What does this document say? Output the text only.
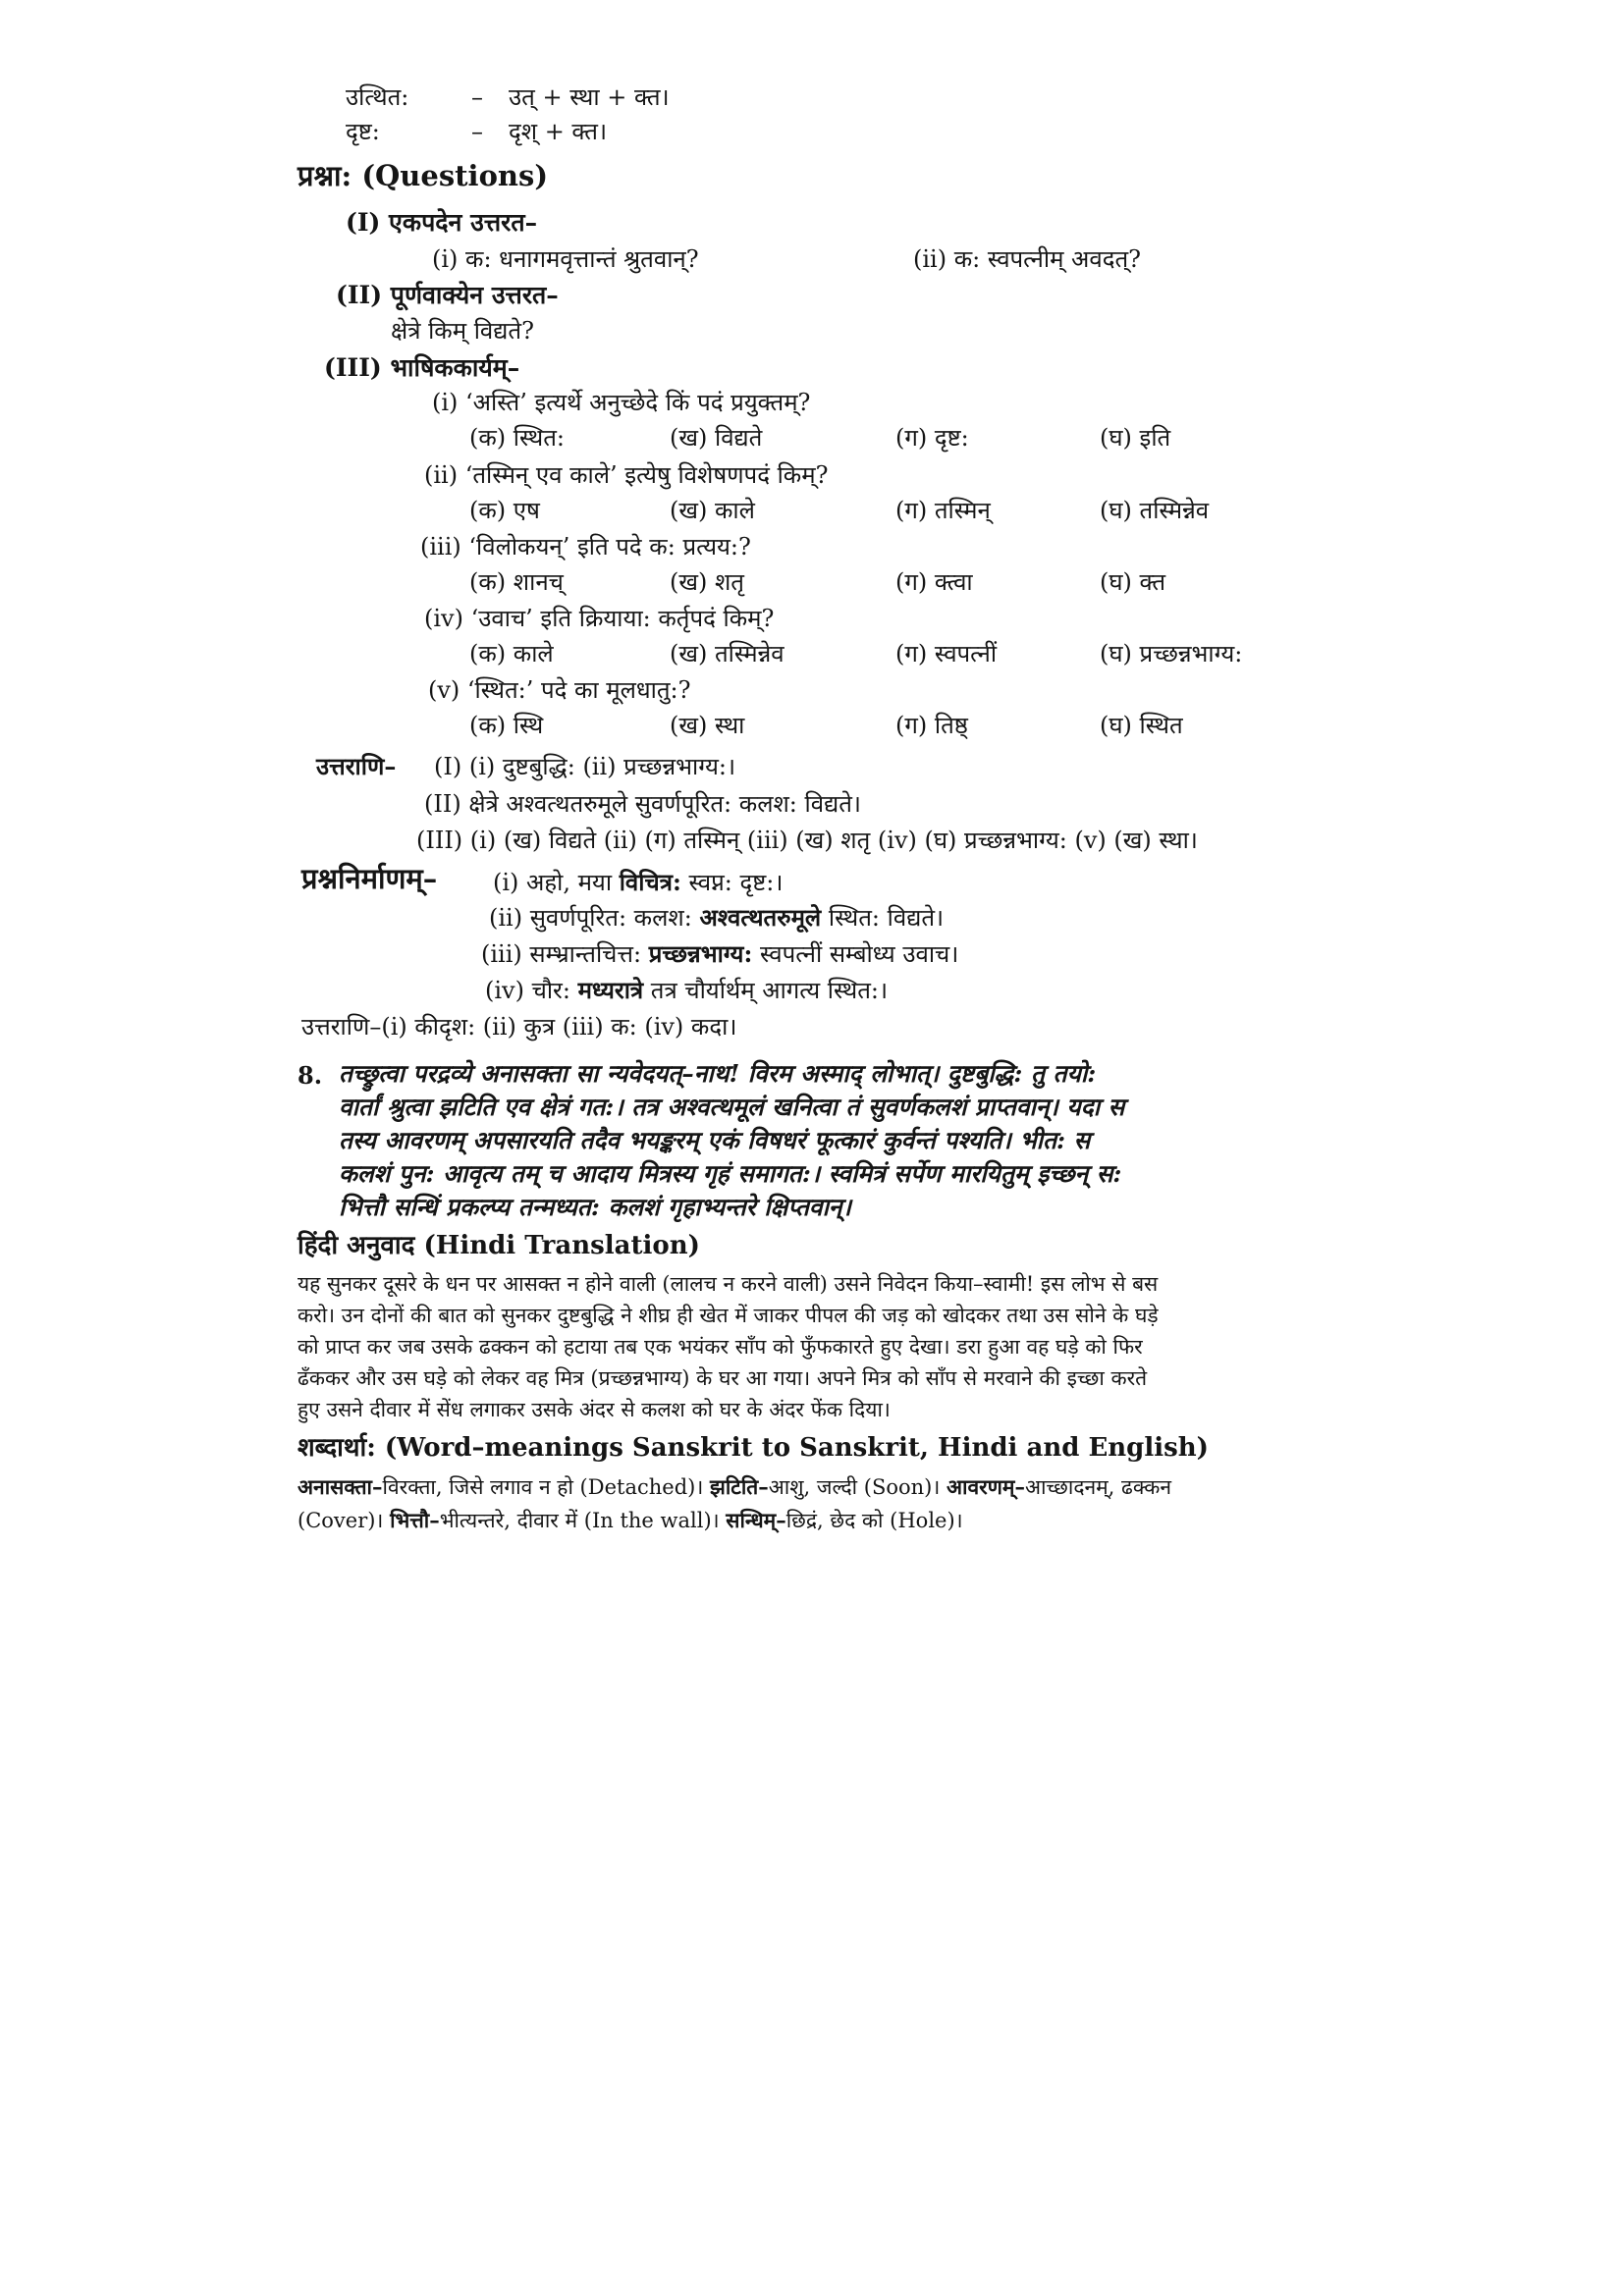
उत्थित:	– उत् + स्था + क्त।
दृष्ट:	– दृश् + क्त।
प्रश्ना: (Questions)
(I) एकपदेन उत्तरत–
(i) क: धनागमवृत्तान्तं श्रुतवान्?	(ii) क: स्वपत्नीम् अवदत्?
(II) पूर्णवाक्येन उत्तरत–
क्षेत्रे किम् विद्यते?
(III) भाषिककार्यम्–
(i) ‘अस्ति’ इत्यर्थे अनुच्छेदे किं पदं प्रयुक्तम्?
(क) स्थित:	(ख) विद्यते	(ग) दृष्ट:	(घ) इति
(ii) ‘तस्मिन् एव काले’ इत्येषु विशेषणपदं किम्?
(क) एष	(ख) काले	(ग) तस्मिन्	(घ) तस्मिन्नेव
(iii) ‘विलोकयन्’ इति पदे क: प्रत्यय:?
(क) शानच्	(ख) शतृ	(ग) क्त्वा	(घ) क्त
(iv) ‘उवाच’ इति क्रियाया: कर्तृपदं किम्?
(क) काले	(ख) तस्मिन्नेव	(ग) स्वपत्नीं	(घ) प्रच्छन्नभाग्य:
(v) ‘स्थित:’ पदे का मूलधातु:?
(क) स्थि	(ख) स्था	(ग) तिष्ठ्	(घ) स्थित
उत्तराणि– (I) (i) दुष्टबुद्धि: (ii) प्रच्छन्नभाग्य:।
(II) क्षेत्रे अश्वत्थतरुमूले सुवर्णपूरित: कलश: विद्यते।
(III) (i) (ख) विद्यते (ii) (ग) तस्मिन् (iii) (ख) शतृ (iv) (घ) प्रच्छन्नभाग्य: (v) (ख) स्था।
प्रश्ननिर्माणम्– (i) अहो, मया विचित्र: स्वप्न: दृष्ट:।
(ii) सुवर्णपूरित: कलश: अश्वत्थतरुमूले स्थित: विद्यते।
(iii) सम्भ्रान्तचित्त: प्रच्छन्नभाग्य: स्वपत्नीं सम्बोध्य उवाच।
(iv) चौर: मध्यरात्रे तत्र चौर्यार्थम् आगत्य स्थित:।
उत्तराणि–(i) कीदृश: (ii) कुत्र (iii) क: (iv) कदा।
8. तच्छ्रुत्वा परद्रव्ये अनासक्ता सा न्यवेदयत्–नाथ! विरम अस्माद् लोभात्। दुष्टबुद्धि: तु तयो:
वार्तां श्रुत्वा झटिति एव क्षेत्रं गत:। तत्र अश्वत्थमूलं खनित्वा तं सुवर्णकलशं प्राप्तवान्। यदा स
तस्य आवरणम् अपसारयति तदैव भयङ्करम् एकं विषधरं फूत्कारं कुर्वन्तं पश्यति। भीत: स
कलशं पुन: आवृत्य तम् च आदाय मित्रस्य गृहं समागत:। स्वमित्रं सर्पेण मारयितुम् इच्छन् स:
भित्तौ सन्धिं प्रकल्प्य तन्मध्यत: कलशं गृहाभ्यन्तरे क्षिप्तवान्।
हिंदी अनुवाद (Hindi Translation)
यह सुनकर दूसरे के धन पर आसक्त न होने वाली (लालच न करने वाली) उसने निवेदन किया–स्वामी! इस लोभ से बस
करो। उन दोनों की बात को सुनकर दुष्टबुद्धि ने शीघ्र ही खेत में जाकर पीपल की जड़ को खोदकर तथा उस सोने के घड़े
को प्राप्त कर जब उसके ढक्कन को हटाया तब एक भयंकर साँप को फुँफकारते हुए देखा। डरा हुआ वह घड़े को फिर
ढँककर और उस घड़े को लेकर वह मित्र (प्रच्छन्नभाग्य) के घर आ गया। अपने मित्र को साँप से मरवाने की इच्छा करते
हुए उसने दीवार में सेंध लगाकर उसके अंदर से कलश को घर के अंदर फेंक दिया।
शब्दार्था: (Word–meanings Sanskrit to Sanskrit, Hindi and English)
अनासक्ता–विरक्ता, जिसे लगाव न हो (Detached)। झटिति–आशु, जल्दी (Soon)। आवरणम्–आच्छादनम्, ढक्कन
(Cover)। भित्तौ–भीत्यन्तरे, दीवार में (In the wall)। सन्धिम्–छिद्रं, छेद को (Hole)।
